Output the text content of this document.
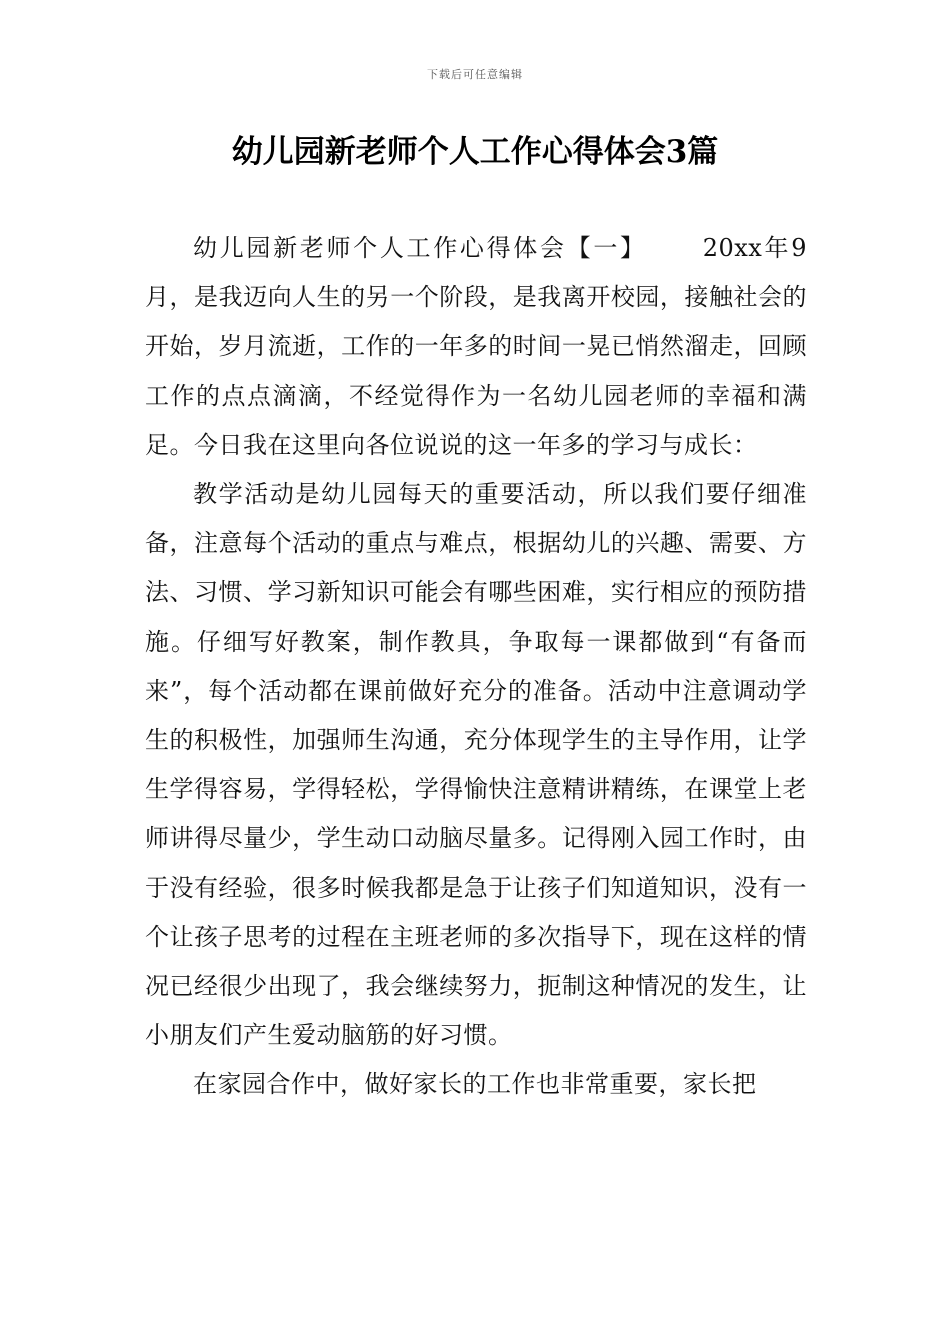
下载后可任意编辑
幼儿园新老师个人工作心得体会3篇

幼儿园新老师个人工作心得体会【一】 20xx年9月，是我迈向人生的另一个阶段，是我离开校园，接触社会的开始，岁月流逝，工作的一年多的时间一晃已悄然溜走，回顾工作的点点滴滴，不经觉得作为一名幼儿园老师的幸福和满足。今日我在这里向各位说说的这一年多的学习与成长：

教学活动是幼儿园每天的重要活动，所以我们要仔细准备，注意每个活动的重点与难点，根据幼儿的兴趣、需要、方法、习惯、学习新知识可能会有哪些困难，实行相应的预防措施。仔细写好教案，制作教具，争取每一课都做到“有备而来”，每个活动都在课前做好充分的准备。活动中注意调动学生的积极性，加强师生沟通，充分体现学生的主导作用，让学生学得容易，学得轻松，学得愉快注意精讲精练，在课堂上老师讲得尽量少，学生动口动脑尽量多。记得刚入园工作时，由于没有经验，很多时候我都是急于让孩子们知道知识，没有一个让孩子思考的过程在主班老师的多次指导下，现在这样的情况已经很少出现了，我会继续努力，扼制这种情况的发生，让小朋友们产生爱动脑筋的好习惯。

在家园合作中，做好家长的工作也非常重要，家长把
